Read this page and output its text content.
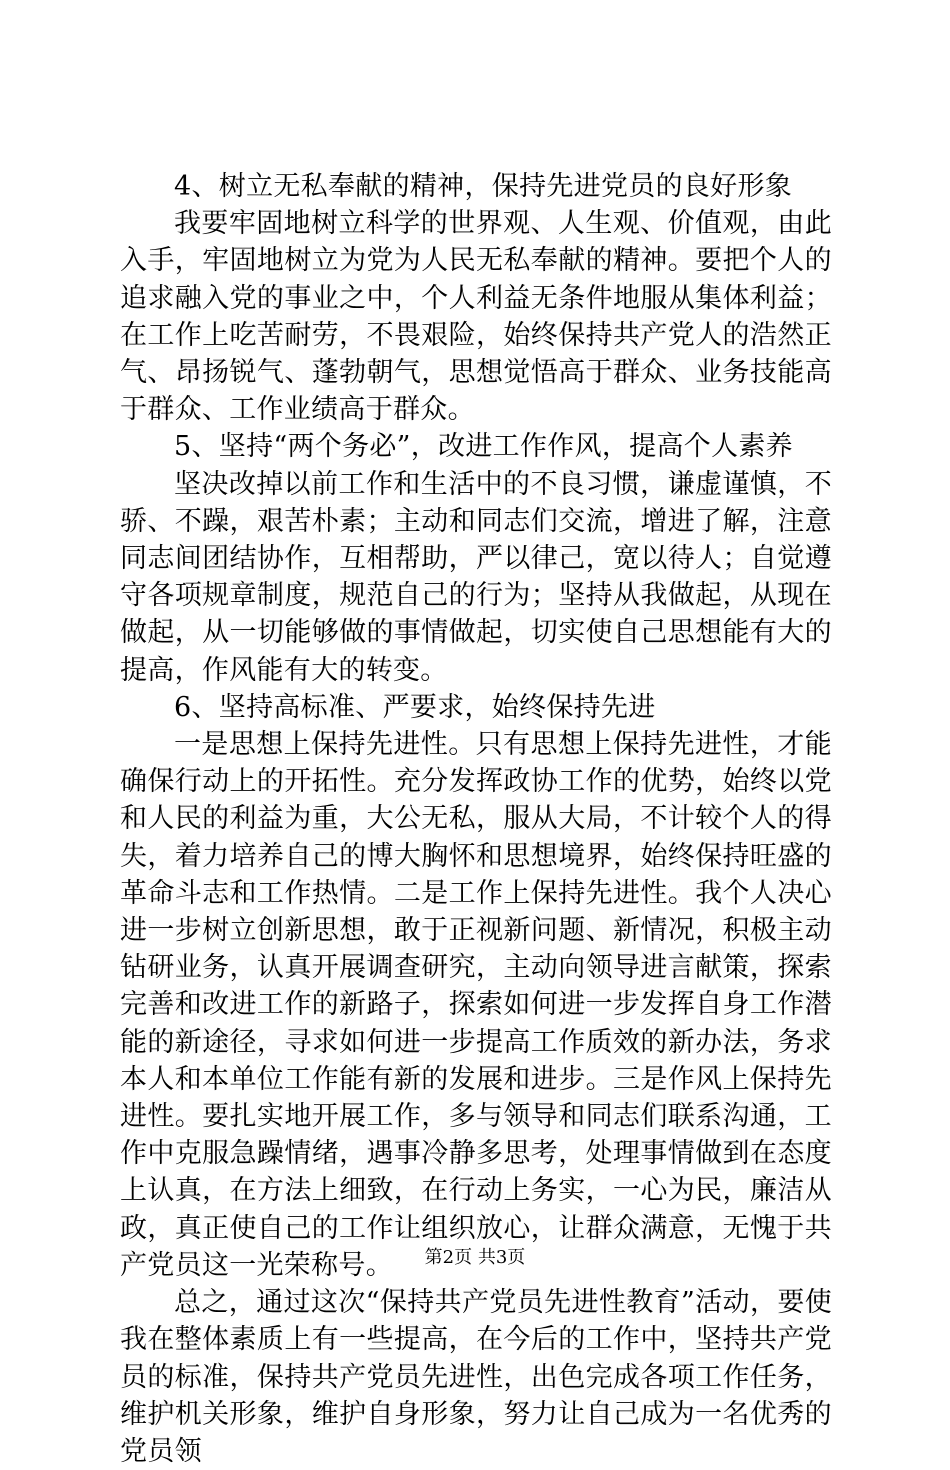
4、树立无私奉献的精神，保持先进党员的良好形象

我要牢固地树立科学的世界观、人生观、价值观，由此入手，牢固地树立为党为人民无私奉献的精神。要把个人的追求融入党的事业之中，个人利益无条件地服从集体利益；在工作上吃苦耐劳，不畏艰险，始终保持共产党人的浩然正气、昂扬锐气、蓬勃朝气，思想觉悟高于群众、业务技能高于群众、工作业绩高于群众。

5、坚持“两个务必”，改进工作作风，提高个人素养

坚决改掉以前工作和生活中的不良习惯，谦虚谨慎，不骄、不躁，艰苦朴素；主动和同志们交流，增进了解，注意同志间团结协作，互相帮助，严以律己，宽以待人；自觉遵守各项规章制度，规范自己的行为；坚持从我做起，从现在做起，从一切能够做的事情做起，切实使自己思想能有大的提高，作风能有大的转变。

6、坚持高标准、严要求，始终保持先进

一是思想上保持先进性。只有思想上保持先进性，才能确保行动上的开拓性。充分发挥政协工作的优势，始终以党和人民的利益为重，大公无私，服从大局，不计较个人的得失，着力培养自己的博大胸怀和思想境界，始终保持旺盛的革命斗志和工作热情。二是工作上保持先进性。我个人决心进一步树立创新思想，敢于正视新问题、新情况，积极主动钻研业务，认真开展调查研究，主动向领导进言献策，探索完善和改进工作的新路子，探索如何进一步发挥自身工作潜能的新途径，寻求如何进一步提高工作质效的新办法，务求本人和本单位工作能有新的发展和进步。三是作风上保持先进性。要扎实地开展工作，多与领导和同志们联系沟通，工作中克服急躁情绪，遇事冷静多思考，处理事情做到在态度上认真，在方法上细致，在行动上务实，一心为民，廉洁从政，真正使自己的工作让组织放心，让群众满意，无愧于共产党员这一光荣称号。

总之，通过这次“保持共产党员先进性教育”活动，要使我在整体素质上有一些提高，在今后的工作中，坚持共产党员的标准，保持共产党员先进性，出色完成各项工作任务，维护机关形象，维护自身形象，努力让自己成为一名优秀的党员领

第2页 共3页
